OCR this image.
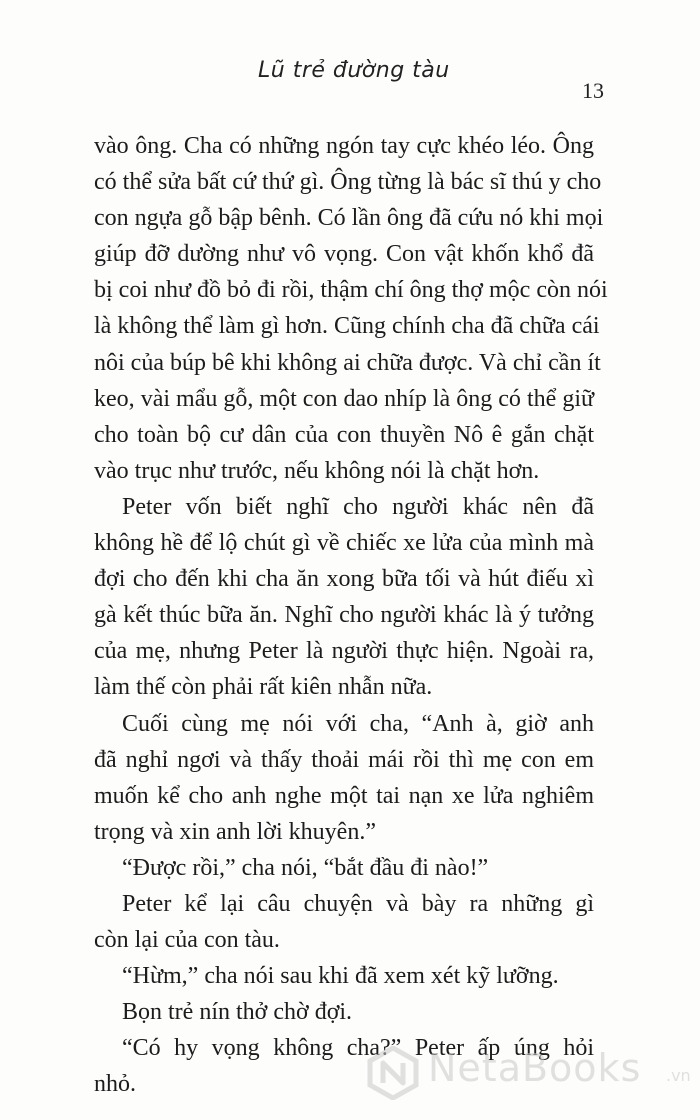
Lũ trẻ đường tàu
13
vào ông. Cha có những ngón tay cực khéo léo. Ông
có thể sửa bất cứ thứ gì. Ông từng là bác sĩ thú y cho
con ngựa gỗ bập bênh. Có lần ông đã cứu nó khi mọi
giúp đỡ dường như vô vọng. Con vật khốn khổ đã
bị coi như đồ bỏ đi rồi, thậm chí ông thợ mộc còn nói
là không thể làm gì hơn. Cũng chính cha đã chữa cái
nôi của búp bê khi không ai chữa được. Và chỉ cần ít
keo, vài mẩu gỗ, một con dao nhíp là ông có thể giữ
cho toàn bộ cư dân của con thuyền Nô ê gắn chặt
vào trục như trước, nếu không nói là chặt hơn.
Peter vốn biết nghĩ cho người khác nên đã
không hề để lộ chút gì về chiếc xe lửa của mình mà
đợi cho đến khi cha ăn xong bữa tối và hút điếu xì
gà kết thúc bữa ăn. Nghĩ cho người khác là ý tưởng
của mẹ, nhưng Peter là người thực hiện. Ngoài ra,
làm thế còn phải rất kiên nhẫn nữa.
Cuối cùng mẹ nói với cha, “Anh à, giờ anh
đã nghỉ ngơi và thấy thoải mái rồi thì mẹ con em
muốn kể cho anh nghe một tai nạn xe lửa nghiêm
trọng và xin anh lời khuyên.”
“Được rồi,” cha nói, “bắt đầu đi nào!”
Peter kể lại câu chuyện và bày ra những gì
còn lại của con tàu.
“Hừm,” cha nói sau khi đã xem xét kỹ lưỡng.
Bọn trẻ nín thở chờ đợi.
“Có hy vọng không cha?” Peter ấp úng hỏi
nhỏ.	NetaBooks .vn
